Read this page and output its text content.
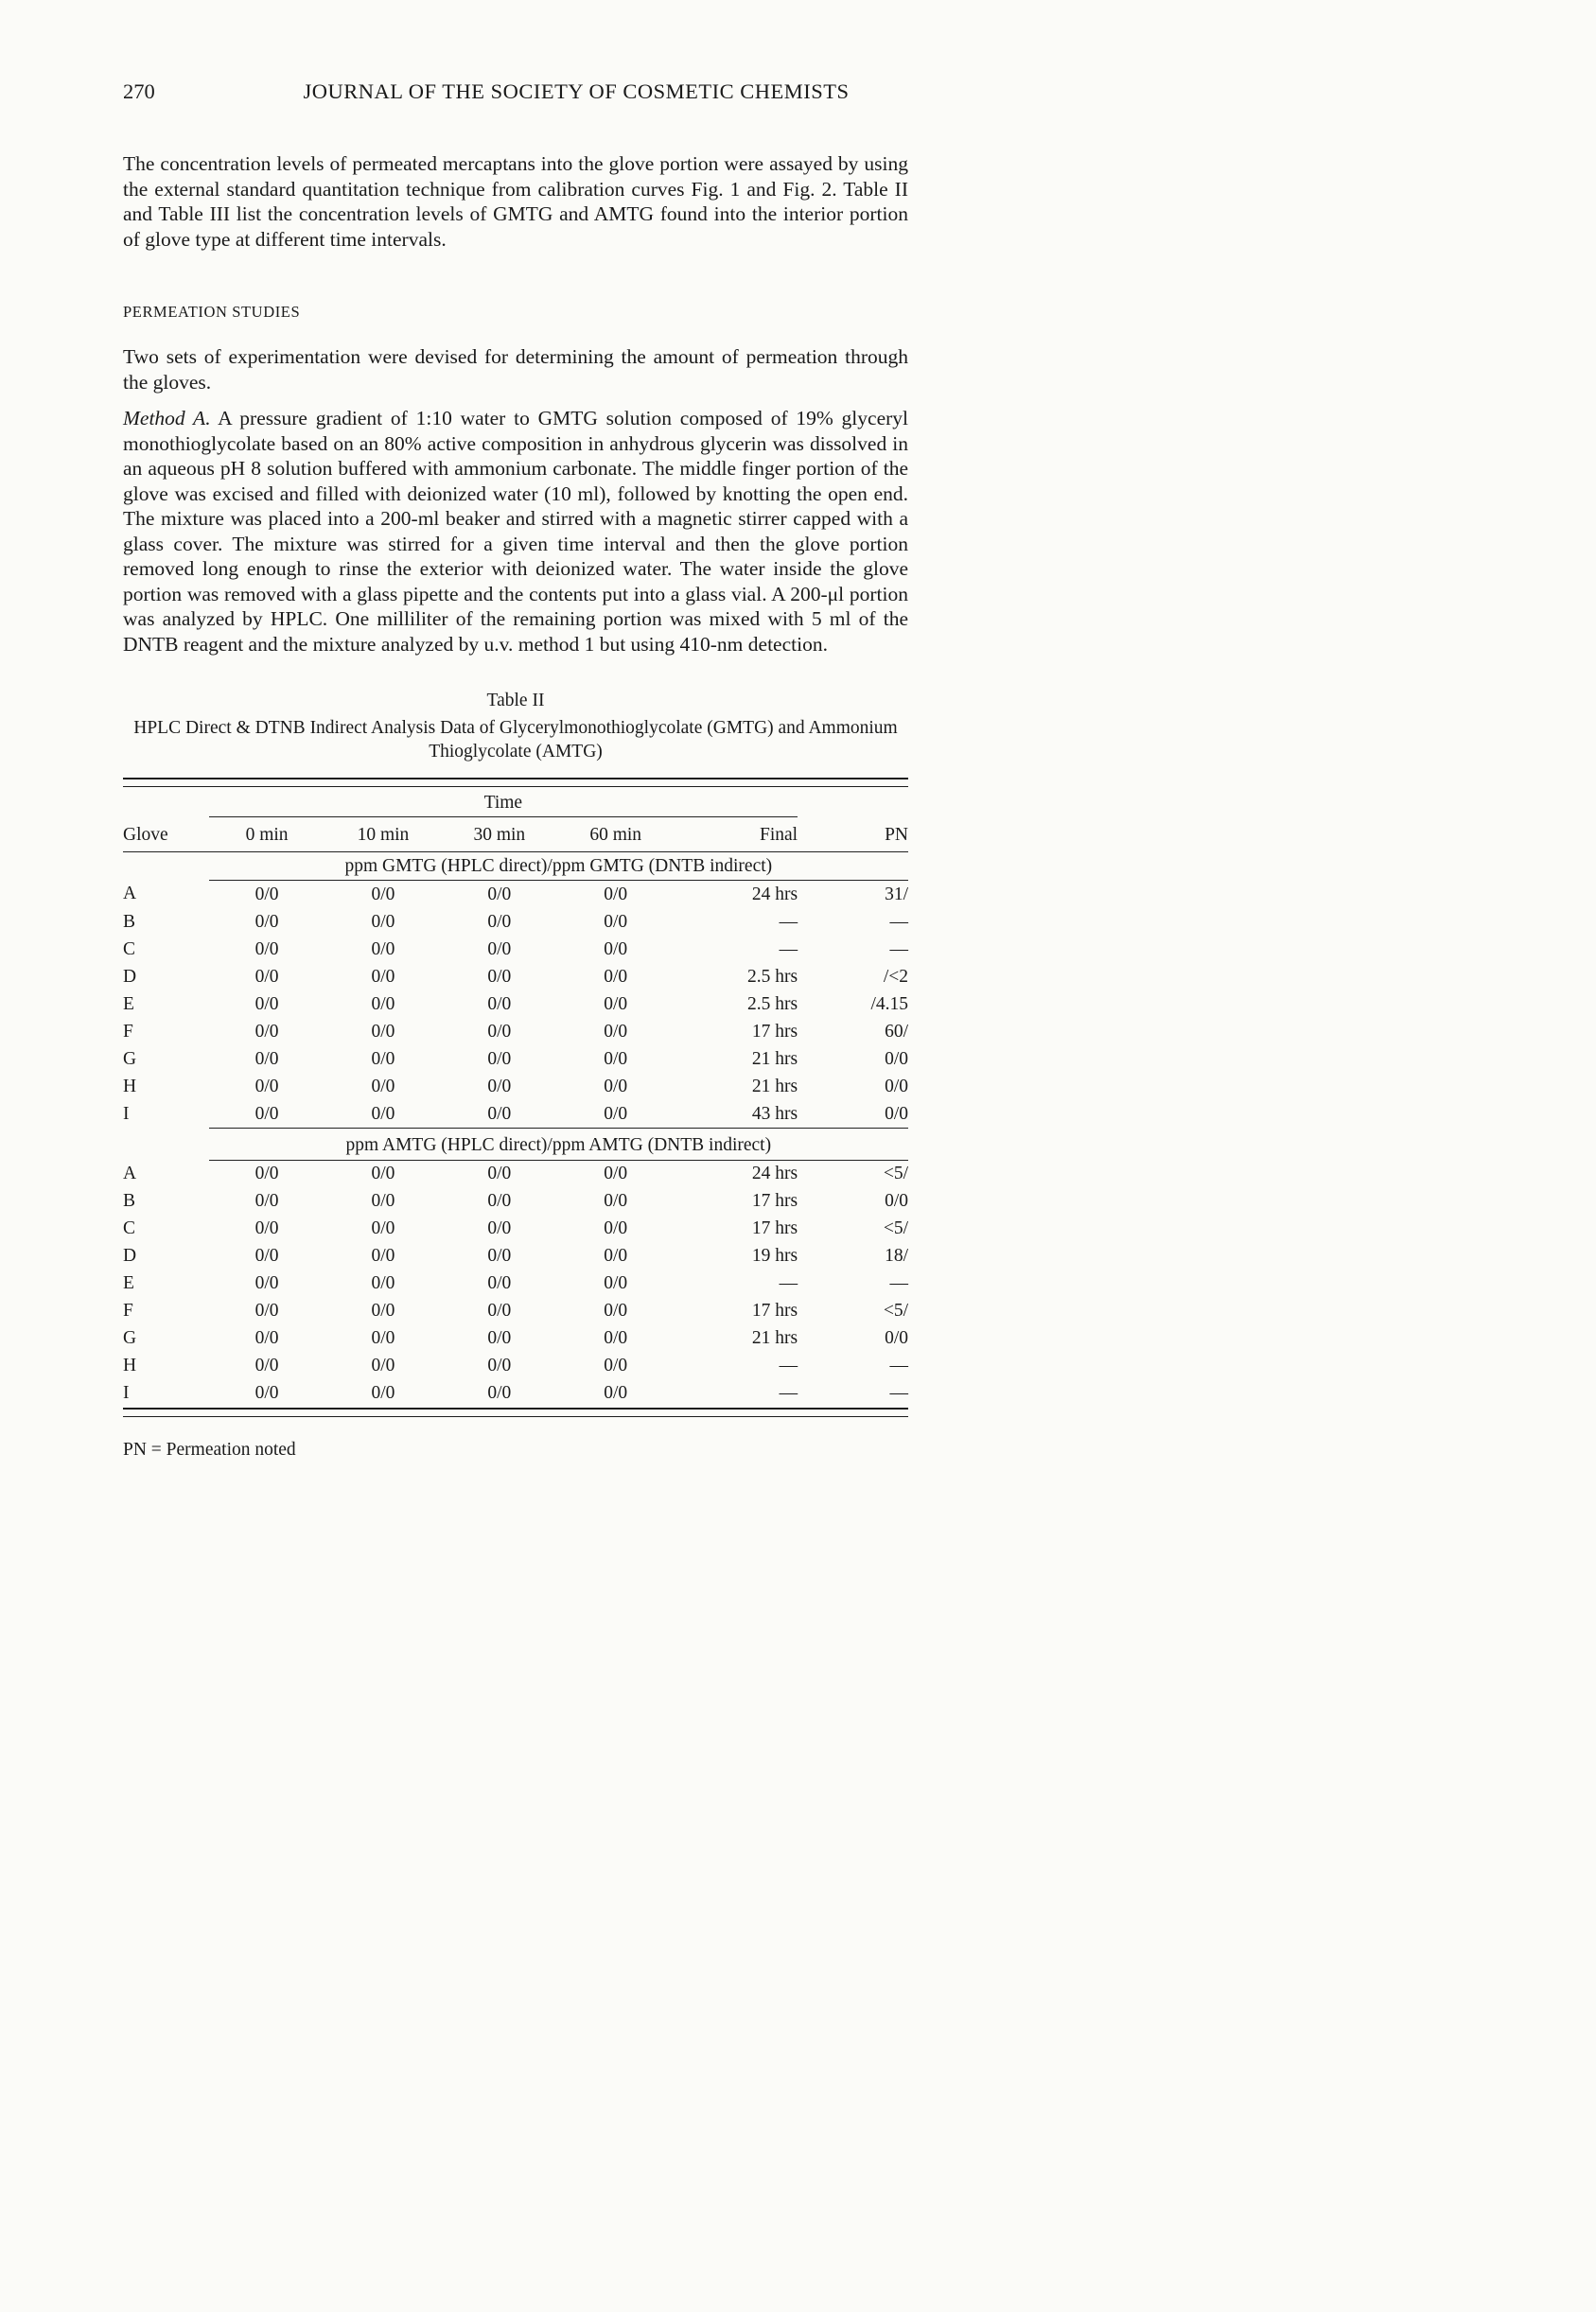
270	JOURNAL OF THE SOCIETY OF COSMETIC CHEMISTS

The concentration levels of permeated mercaptans into the glove portion were assayed by using the external standard quantitation technique from calibration curves Fig. 1 and Fig. 2. Table II and Table III list the concentration levels of GMTG and AMTG found into the interior portion of glove type at different time intervals.

PERMEATION STUDIES

Two sets of experimentation were devised for determining the amount of permeation through the gloves.

Method A. A pressure gradient of 1:10 water to GMTG solution composed of 19% glyceryl monothioglycolate based on an 80% active composition in anhydrous glycerin was dissolved in an aqueous pH 8 solution buffered with ammonium carbonate. The middle finger portion of the glove was excised and filled with deionized water (10 ml), followed by knotting the open end. The mixture was placed into a 200-ml beaker and stirred with a magnetic stirrer capped with a glass cover. The mixture was stirred for a given time interval and then the glove portion removed long enough to rinse the exterior with deionized water. The water inside the glove portion was removed with a glass pipette and the contents put into a glass vial. A 200-μl portion was analyzed by HPLC. One milliliter of the remaining portion was mixed with 5 ml of the DNTB reagent and the mixture analyzed by u.v. method 1 but using 410-nm detection.

Table II
HPLC Direct & DTNB Indirect Analysis Data of Glycerylmonothioglycolate (GMTG) and Ammonium
Thioglycolate (AMTG)
	Time					
Glove	0 min	10 min	30 min	60 min	Final	PN
	ppm GMTG (HPLC direct)/ppm GMTG (DNTB indirect)					
A	0/0	0/0	0/0	0/0	24 hrs	31/
B	0/0	0/0	0/0	0/0	—	—
C	0/0	0/0	0/0	0/0	—	—
D	0/0	0/0	0/0	0/0	2.5 hrs	/<2
E	0/0	0/0	0/0	0/0	2.5 hrs	/4.15
F	0/0	0/0	0/0	0/0	17 hrs	60/
G	0/0	0/0	0/0	0/0	21 hrs	0/0
H	0/0	0/0	0/0	0/0	21 hrs	0/0
I	0/0	0/0	0/0	0/0	43 hrs	0/0
	ppm AMTG (HPLC direct)/ppm AMTG (DNTB indirect)					
A	0/0	0/0	0/0	0/0	24 hrs	<5/
B	0/0	0/0	0/0	0/0	17 hrs	0/0
C	0/0	0/0	0/0	0/0	17 hrs	<5/
D	0/0	0/0	0/0	0/0	19 hrs	18/
E	0/0	0/0	0/0	0/0	—	—
F	0/0	0/0	0/0	0/0	17 hrs	<5/
G	0/0	0/0	0/0	0/0	21 hrs	0/0
H	0/0	0/0	0/0	0/0	—	—
I	0/0	0/0	0/0	0/0	—	—
PN = Permeation noted
